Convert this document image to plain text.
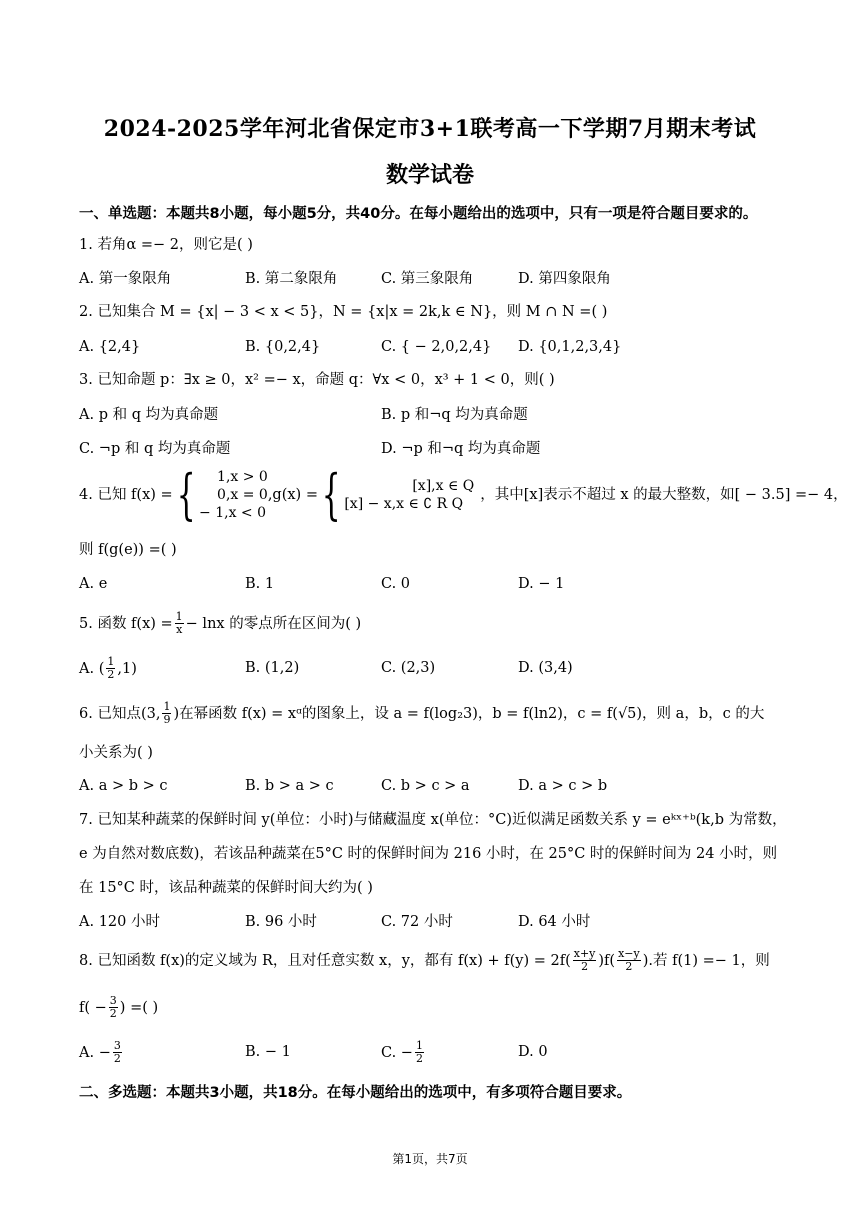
2024-2025学年河北省保定市3+1联考高一下学期7月期末考试
数学试卷
一、单选题：本题共8小题，每小题5分，共40分。在每小题给出的选项中，只有一项是符合题目要求的。
1. 若角α =− 2，则它是( )
A. 第一象限角	B. 第二象限角	C. 第三象限角	D. 第四象限角
2. 已知集合 M = {x| − 3 < x < 5}，N = {x|x = 2k,k ∈ N}，则 M ∩ N =( )
A. {2,4}	B. {0,2,4}	C. { − 2,0,2,4} D. {0,1,2,3,4}
3. 已知命题 p：∃x ≥ 0，x² =− x，命题 q：∀x < 0，x³ + 1 < 0，则( )
A. p 和 q 均为真命题	B. p 和¬q 均为真命题
C. ¬p 和 q 均为真命题	D. ¬p 和¬q 均为真命题
4. 已知 f(x) = {	1,x > 0
0,x = 0
− 1,x < 0
,g(x) = {	[x],x ∈ Q
[x] − x,x ∈ ∁ R Q
，其中[x]表示不超过 x 的最大整数，如[ − 3.5] =− 4，
则 f(g(e)) =( )
A. e	B. 1	C. 0	D. − 1
5. 函数 $f(x) = \frac{1}{x} - \ln x$ 的零点所在区间为( )
A. ( $\frac{1}{2} ,1$)	B. (1,2)	C. (2,3)	D. (3,4)
6. 已知点(3, $\frac{1}{9}$ )在幂函数 f(x) = xᵅ的图象上，设 a = f(log₂3)，b = f(ln2)，c = f(√5)，则 a，b，c 的大
小关系为( )
A. a > b > c	B. b > a > c	C. b > c > a	D. a > c > b
7. 已知某种蔬菜的保鲜时间 y(单位：小时)与储藏温度 x(单位：°C)近似满足函数关系 y = eᵏˣ⁺ᵇ(k,b 为常数，
e 为自然对数底数)，若该品种蔬菜在5°C 时的保鲜时间为 216 小时，在 25°C 时的保鲜时间为 24 小时，则
在 15°C 时，该品种蔬菜的保鲜时间大约为( )
A. 120 小时	B. 96 小时	C. 72 小时	D. 64 小时
8. 已知函数 f(x)的定义域为 R，且对任意实数 x，y，都有 $f(x) + f(y) = 2f( \frac{x+y}{2} )f( \frac{x-y}{2}$ ).若 f(1) =− 1，则
$f( - \frac{3}{2}$ ) =( )
A. − $\frac{3}{2}$	B. − 1	C. − $\frac{1}{2}$	D. 0
二、多选题：本题共3小题，共18分。在每小题给出的选项中，有多项符合题目要求。
第1页，共7页
